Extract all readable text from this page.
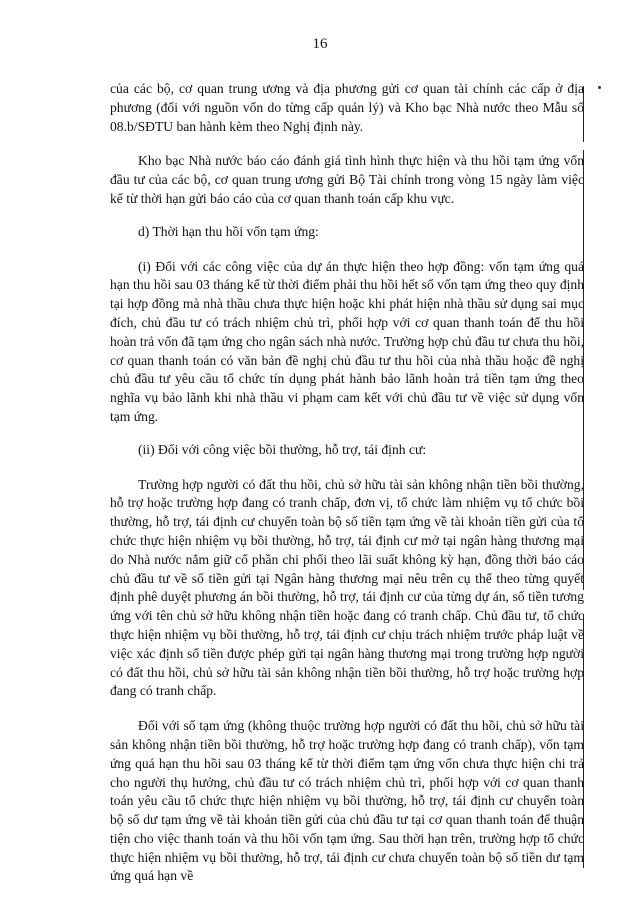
16

của các bộ, cơ quan trung ương và địa phương gửi cơ quan tài chính các cấp ở địa phương (đối với nguồn vốn do từng cấp quản lý) và Kho bạc Nhà nước theo Mẫu số 08.b/SĐTU ban hành kèm theo Nghị định này.

Kho bạc Nhà nước báo cáo đánh giá tình hình thực hiện và thu hồi tạm ứng vốn đầu tư của các bộ, cơ quan trung ương gửi Bộ Tài chính trong vòng 15 ngày làm việc kể từ thời hạn gửi báo cáo của cơ quan thanh toán cấp khu vực.

d) Thời hạn thu hồi vốn tạm ứng:

(i) Đối với các công việc của dự án thực hiện theo hợp đồng: vốn tạm ứng quá hạn thu hồi sau 03 tháng kể từ thời điểm phải thu hồi hết số vốn tạm ứng theo quy định tại hợp đồng mà nhà thầu chưa thực hiện hoặc khi phát hiện nhà thầu sử dụng sai mục đích, chủ đầu tư có trách nhiệm chủ trì, phối hợp với cơ quan thanh toán để thu hồi hoàn trả vốn đã tạm ứng cho ngân sách nhà nước. Trường hợp chủ đầu tư chưa thu hồi, cơ quan thanh toán có văn bản đề nghị chủ đầu tư thu hồi của nhà thầu hoặc đề nghị chủ đầu tư yêu cầu tổ chức tín dụng phát hành bảo lãnh hoàn trả tiền tạm ứng theo nghĩa vụ bảo lãnh khi nhà thầu vi phạm cam kết với chủ đầu tư về việc sử dụng vốn tạm ứng.

(ii) Đối với công việc bồi thường, hỗ trợ, tái định cư:

Trường hợp người có đất thu hồi, chủ sở hữu tài sản không nhận tiền bồi thường, hỗ trợ hoặc trường hợp đang có tranh chấp, đơn vị, tổ chức làm nhiệm vụ tổ chức bồi thường, hỗ trợ, tái định cư chuyển toàn bộ số tiền tạm ứng về tài khoản tiền gửi của tổ chức thực hiện nhiệm vụ bồi thường, hỗ trợ, tái định cư mở tại ngân hàng thương mại do Nhà nước nắm giữ cổ phần chi phối theo lãi suất không kỳ hạn, đồng thời báo cáo chủ đầu tư về số tiền gửi tại Ngân hàng thương mại nêu trên cụ thể theo từng quyết định phê duyệt phương án bồi thường, hỗ trợ, tái định cư của từng dự án, số tiền tương ứng với tên chủ sở hữu không nhận tiền hoặc đang có tranh chấp. Chủ đầu tư, tổ chức thực hiện nhiệm vụ bồi thường, hỗ trợ, tái định cư chịu trách nhiệm trước pháp luật về việc xác định số tiền được phép gửi tại ngân hàng thương mại trong trường hợp người có đất thu hồi, chủ sở hữu tài sản không nhận tiền bồi thường, hỗ trợ hoặc trường hợp đang có tranh chấp.

Đối với số tạm ứng (không thuộc trường hợp người có đất thu hồi, chủ sở hữu tài sản không nhận tiền bồi thường, hỗ trợ hoặc trường hợp đang có tranh chấp), vốn tạm ứng quá hạn thu hồi sau 03 tháng kể từ thời điểm tạm ứng vốn chưa thực hiện chi trả cho người thụ hưởng, chủ đầu tư có trách nhiệm chủ trì, phối hợp với cơ quan thanh toán yêu cầu tổ chức thực hiện nhiệm vụ bồi thường, hỗ trợ, tái định cư chuyển toàn bộ số dư tạm ứng về tài khoản tiền gửi của chủ đầu tư tại cơ quan thanh toán để thuận tiện cho việc thanh toán và thu hồi vốn tạm ứng. Sau thời hạn trên, trường hợp tổ chức thực hiện nhiệm vụ bồi thường, hỗ trợ, tái định cư chưa chuyển toàn bộ số tiền dư tạm ứng quá hạn về
